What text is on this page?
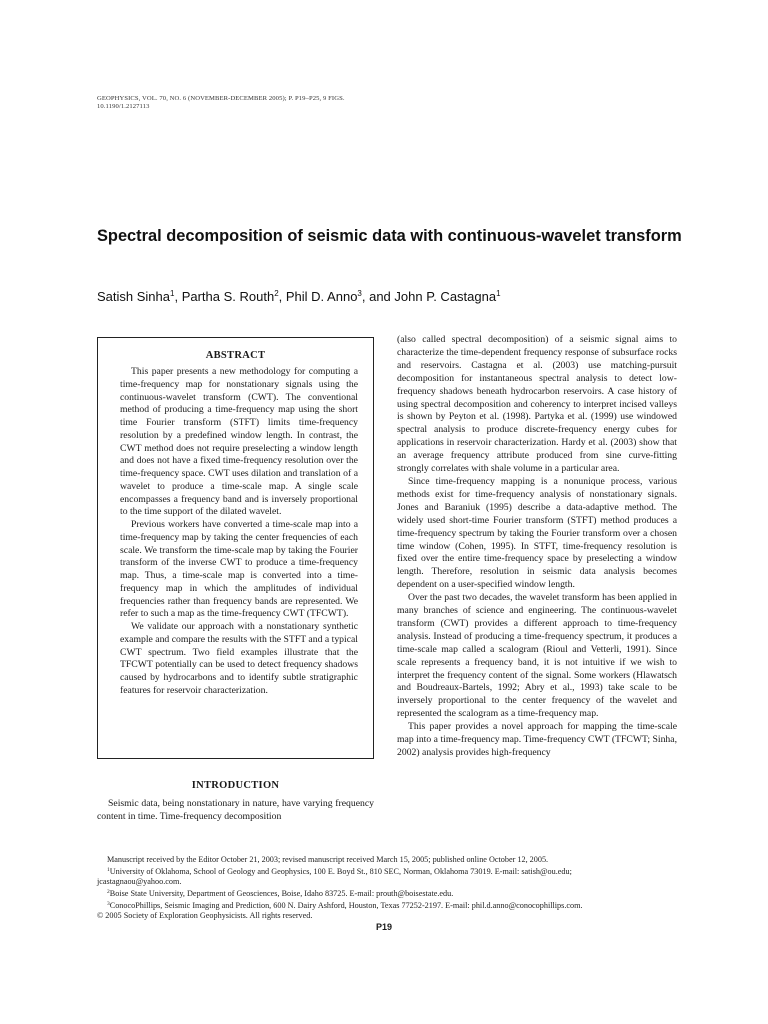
GEOPHYSICS, VOL. 70, NO. 6 (NOVEMBER-DECEMBER 2005); P. P19–P25, 9 FIGS.
10.1190/1.2127113
Spectral decomposition of seismic data with continuous-wavelet transform
Satish Sinha$^1$, Partha S. Routh$^2$, Phil D. Anno$^3$, and John P. Castagna$^1$
ABSTRACT

This paper presents a new methodology for computing a time-frequency map for nonstationary signals using the continuous-wavelet transform (CWT). The conventional method of producing a time-frequency map using the short time Fourier transform (STFT) limits time-frequency resolution by a predefined window length. In contrast, the CWT method does not require preselecting a window length and does not have a fixed time-frequency resolution over the time-frequency space. CWT uses dilation and translation of a wavelet to produce a time-scale map. A single scale encompasses a frequency band and is inversely proportional to the time support of the dilated wavelet.

Previous workers have converted a time-scale map into a time-frequency map by taking the center frequencies of each scale. We transform the time-scale map by taking the Fourier transform of the inverse CWT to produce a time-frequency map. Thus, a time-scale map is converted into a time-frequency map in which the amplitudes of individual frequencies rather than frequency bands are represented. We refer to such a map as the time-frequency CWT (TFCWT).

We validate our approach with a nonstationary synthetic example and compare the results with the STFT and a typical CWT spectrum. Two field examples illustrate that the TFCWT potentially can be used to detect frequency shadows caused by hydrocarbons and to identify subtle stratigraphic features for reservoir characterization.

INTRODUCTION

Seismic data, being nonstationary in nature, have varying frequency content in time. Time-frequency decomposition

(also called spectral decomposition) of a seismic signal aims to characterize the time-dependent frequency response of subsurface rocks and reservoirs. Castagna et al. (2003) use matching-pursuit decomposition for instantaneous spectral analysis to detect low-frequency shadows beneath hydrocarbon reservoirs. A case history of using spectral decomposition and coherency to interpret incised valleys is shown by Peyton et al. (1998). Partyka et al. (1999) use windowed spectral analysis to produce discrete-frequency energy cubes for applications in reservoir characterization. Hardy et al. (2003) show that an average frequency attribute produced from sine curve-fitting strongly correlates with shale volume in a particular area.

Since time-frequency mapping is a nonunique process, various methods exist for time-frequency analysis of nonstationary signals. Jones and Baraniuk (1995) describe a data-adaptive method. The widely used short-time Fourier transform (STFT) method produces a time-frequency spectrum by taking the Fourier transform over a chosen time window (Cohen, 1995). In STFT, time-frequency resolution is fixed over the entire time-frequency space by preselecting a window length. Therefore, resolution in seismic data analysis becomes dependent on a user-specified window length.

Over the past two decades, the wavelet transform has been applied in many branches of science and engineering. The continuous-wavelet transform (CWT) provides a different approach to time-frequency analysis. Instead of producing a time-frequency spectrum, it produces a time-scale map called a scalogram (Rioul and Vetterli, 1991). Since scale represents a frequency band, it is not intuitive if we wish to interpret the frequency content of the signal. Some workers (Hlawatsch and Boudreaux-Bartels, 1992; Abry et al., 1993) take scale to be inversely proportional to the center frequency of the wavelet and represented the scalogram as a time-frequency map.

This paper provides a novel approach for mapping the time-scale map into a time-frequency map. Time-frequency CWT (TFCWT; Sinha, 2002) analysis provides high-frequency

Manuscript received by the Editor October 21, 2003; revised manuscript received March 15, 2005; published online October 12, 2005.
$^1$University of Oklahoma, School of Geology and Geophysics, 100 E. Boyd St., 810 SEC, Norman, Oklahoma 73019. E-mail: satish@ou.edu;
jcastagnaou@yahoo.com.
$^2$Boise State University, Department of Geosciences, Boise, Idaho 83725. E-mail: prouth@boisestate.edu.
$^3$ConocoPhillips, Seismic Imaging and Prediction, 600 N. Dairy Ashford, Houston, Texas 77252-2197. E-mail: phil.d.anno@conocophillips.com.
© 2005 Society of Exploration Geophysicists. All rights reserved.
P19
